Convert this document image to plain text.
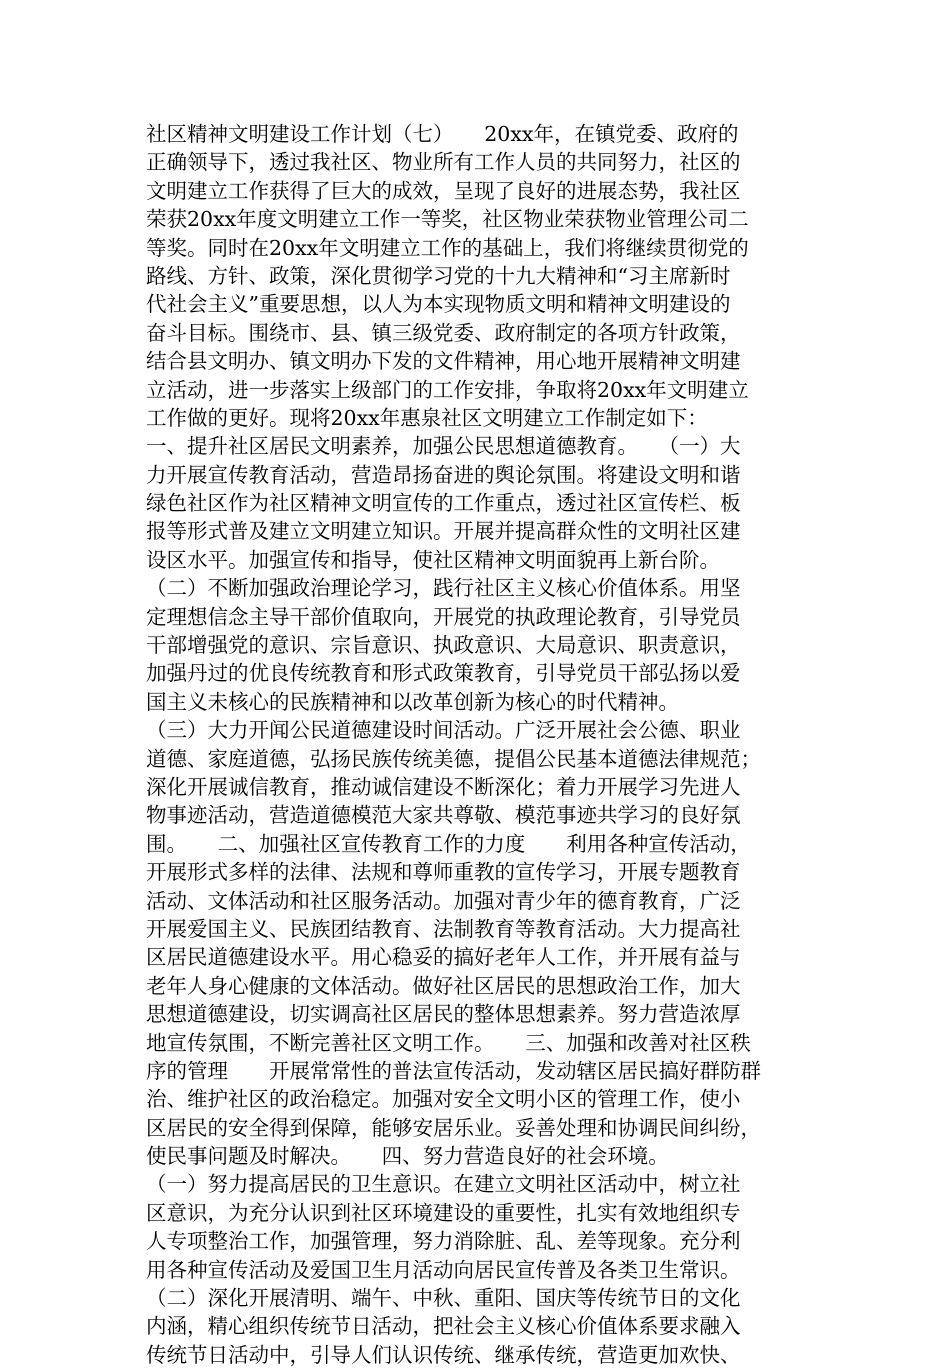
社区精神文明建设工作计划（七）　　20xx年，在镇党委、政府的
正确领导下，透过我社区、物业所有工作人员的共同努力，社区的
文明建立工作获得了巨大的成效，呈现了良好的进展态势，我社区
荣获20xx年度文明建立工作一等奖，社区物业荣获物业管理公司二
等奖。同时在20xx年文明建立工作的基础上，我们将继续贯彻党的
路线、方针、政策，深化贯彻学习党的十九大精神和“习主席新时
代社会主义”重要思想，以人为本实现物质文明和精神文明建设的
奋斗目标。围绕市、县、镇三级党委、政府制定的各项方针政策，
结合县文明办、镇文明办下发的文件精神，用心地开展精神文明建
立活动，进一步落实上级部门的工作安排，争取将20xx年文明建立
工作做的更好。现将20xx年惠泉社区文明建立工作制定如下：
一、提升社区居民文明素养，加强公民思想道德教育。　　（一）大
力开展宣传教育活动，营造昂扬奋进的舆论氛围。将建设文明和谐
绿色社区作为社区精神文明宣传的工作重点，透过社区宣传栏、板
报等形式普及建立文明建立知识。开展并提高群众性的文明社区建
设区水平。加强宣传和指导，使社区精神文明面貌再上新台阶。
（二）不断加强政治理论学习，践行社区主义核心价值体系。用坚
定理想信念主导干部价值取向，开展党的执政理论教育，引导党员
干部增强党的意识、宗旨意识、执政意识、大局意识、职责意识，
加强丹过的优良传统教育和形式政策教育，引导党员干部弘扬以爱
国主义未核心的民族精神和以改革创新为核心的时代精神。
（三）大力开闻公民道德建设时间活动。广泛开展社会公德、职业
道德、家庭道德，弘扬民族传统美德，提倡公民基本道德法律规范；
深化开展诚信教育，推动诚信建设不断深化；着力开展学习先进人
物事迹活动，营造道德模范大家共尊敬、模范事迹共学习的良好氛
围。　　二、加强社区宣传教育工作的力度　　利用各种宣传活动，
开展形式多样的法律、法规和尊师重教的宣传学习，开展专题教育
活动、文体活动和社区服务活动。加强对青少年的德育教育，广泛
开展爱国主义、民族团结教育、法制教育等教育活动。大力提高社
区居民道德建设水平。用心稳妥的搞好老年人工作，并开展有益与
老年人身心健康的文体活动。做好社区居民的思想政治工作，加大
思想道德建设，切实调高社区居民的整体思想素养。努力营造浓厚
地宣传氛围，不断完善社区文明工作。　　三、加强和改善对社区秩
序的管理　　开展常常性的普法宣传活动，发动辖区居民搞好群防群
治、维护社区的政治稳定。加强对安全文明小区的管理工作，使小
区居民的安全得到保障，能够安居乐业。妥善处理和协调民间纠纷，
使民事问题及时解决。　　四、努力营造良好的社会环境。
（一）努力提高居民的卫生意识。在建立文明社区活动中，树立社
区意识，为充分认识到社区环境建设的重要性，扎实有效地组织专
人专项整治工作，加强管理，努力消除脏、乱、差等现象。充分利
用各种宣传活动及爱国卫生月活动向居民宣传普及各类卫生常识。
（二）深化开展清明、端午、中秋、重阳、国庆等传统节日的文化
内涵，精心组织传统节日活动，把社会主义核心价值体系要求融入
传统节日活动中，引导人们认识传统、继承传统，营造更加欢快、
